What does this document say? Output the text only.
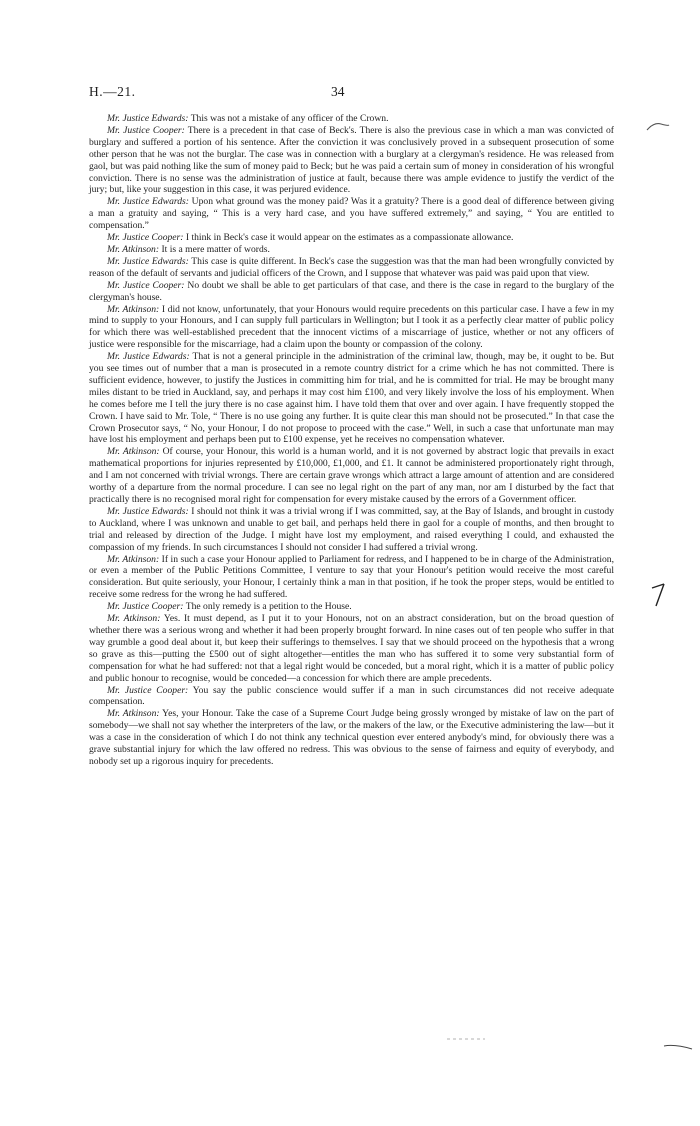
H.—21.	34

Mr. Justice Edwards: This was not a mistake of any officer of the Crown.

Mr. Justice Cooper: There is a precedent in that case of Beck's. There is also the previous case in which a man was convicted of burglary and suffered a portion of his sentence. After the conviction it was conclusively proved in a subsequent prosecution of some other person that he was not the burglar. The case was in connection with a burglary at a clergyman's residence. He was released from gaol, but was paid nothing like the sum of money paid to Beck; but he was paid a certain sum of money in consideration of his wrongful conviction. There is no sense was the administration of justice at fault, because there was ample evidence to justify the verdict of the jury; but, like your suggestion in this case, it was perjured evidence.

Mr. Justice Edwards: Upon what ground was the money paid? Was it a gratuity? There is a good deal of difference between giving a man a gratuity and saying, “ This is a very hard case, and you have suffered extremely,” and saying, “ You are entitled to compensation.”

Mr. Justice Cooper: I think in Beck's case it would appear on the estimates as a compassionate allowance.

Mr. Atkinson: It is a mere matter of words.

Mr. Justice Edwards: This case is quite different. In Beck's case the suggestion was that the man had been wrongfully convicted by reason of the default of servants and judicial officers of the Crown, and I suppose that whatever was paid was paid upon that view.

Mr. Justice Cooper: No doubt we shall be able to get particulars of that case, and there is the case in regard to the burglary of the clergyman's house.

Mr. Atkinson: I did not know, unfortunately, that your Honours would require precedents on this particular case. I have a few in my mind to supply to your Honours, and I can supply full particulars in Wellington; but I took it as a perfectly clear matter of public policy for which there was well-established precedent that the innocent victims of a miscarriage of justice, whether or not any officers of justice were responsible for the miscarriage, had a claim upon the bounty or compassion of the colony.

Mr. Justice Edwards: That is not a general principle in the administration of the criminal law, though, may be, it ought to be. But you see times out of number that a man is prosecuted in a remote country district for a crime which he has not committed. There is sufficient evidence, however, to justify the Justices in committing him for trial, and he is committed for trial. He may be brought many miles distant to be tried in Auckland, say, and perhaps it may cost him £100, and very likely involve the loss of his employment. When he comes before me I tell the jury there is no case against him. I have told them that over and over again. I have frequently stopped the Crown. I have said to Mr. Tole, “ There is no use going any further. It is quite clear this man should not be prosecuted.” In that case the Crown Prosecutor says, “ No, your Honour, I do not propose to proceed with the case.” Well, in such a case that unfortunate man may have lost his employment and perhaps been put to £100 expense, yet he receives no compensation whatever.

Mr. Atkinson: Of course, your Honour, this world is a human world, and it is not governed by abstract logic that prevails in exact mathematical proportions for injuries represented by £10,000, £1,000, and £1. It cannot be administered proportionately right through, and I am not concerned with trivial wrongs. There are certain grave wrongs which attract a large amount of attention and are considered worthy of a departure from the normal procedure. I can see no legal right on the part of any man, nor am I disturbed by the fact that practically there is no recognised moral right for compensation for every mistake caused by the errors of a Government officer.

Mr. Justice Edwards: I should not think it was a trivial wrong if I was committed, say, at the Bay of Islands, and brought in custody to Auckland, where I was unknown and unable to get bail, and perhaps held there in gaol for a couple of months, and then brought to trial and released by direction of the Judge. I might have lost my employment, and raised everything I could, and exhausted the compassion of my friends. In such circumstances I should not consider I had suffered a trivial wrong.

Mr. Atkinson: If in such a case your Honour applied to Parliament for redress, and I happened to be in charge of the Administration, or even a member of the Public Petitions Committee, I venture to say that your Honour's petition would receive the most careful consideration. But quite seriously, your Honour, I certainly think a man in that position, if he took the proper steps, would be entitled to receive some redress for the wrong he had suffered.

Mr. Justice Cooper: The only remedy is a petition to the House.

Mr. Atkinson: Yes. It must depend, as I put it to your Honours, not on an abstract consideration, but on the broad question of whether there was a serious wrong and whether it had been properly brought forward. In nine cases out of ten people who suffer in that way grumble a good deal about it, but keep their sufferings to themselves. I say that we should proceed on the hypothesis that a wrong so grave as this—putting the £500 out of sight altogether—entitles the man who has suffered it to some very substantial form of compensation for what he had suffered: not that a legal right would be conceded, but a moral right, which it is a matter of public policy and public honour to recognise, would be conceded—a concession for which there are ample precedents.

Mr. Justice Cooper: You say the public conscience would suffer if a man in such circumstances did not receive adequate compensation.

Mr. Atkinson: Yes, your Honour. Take the case of a Supreme Court Judge being grossly wronged by mistake of law on the part of somebody—we shall not say whether the interpreters of the law, or the makers of the law, or the Executive administering the law—but it was a case in the consideration of which I do not think any technical question ever entered anybody's mind, for obviously there was a grave substantial injury for which the law offered no redress. This was obvious to the sense of fairness and equity of everybody, and nobody set up a rigorous inquiry for precedents.
